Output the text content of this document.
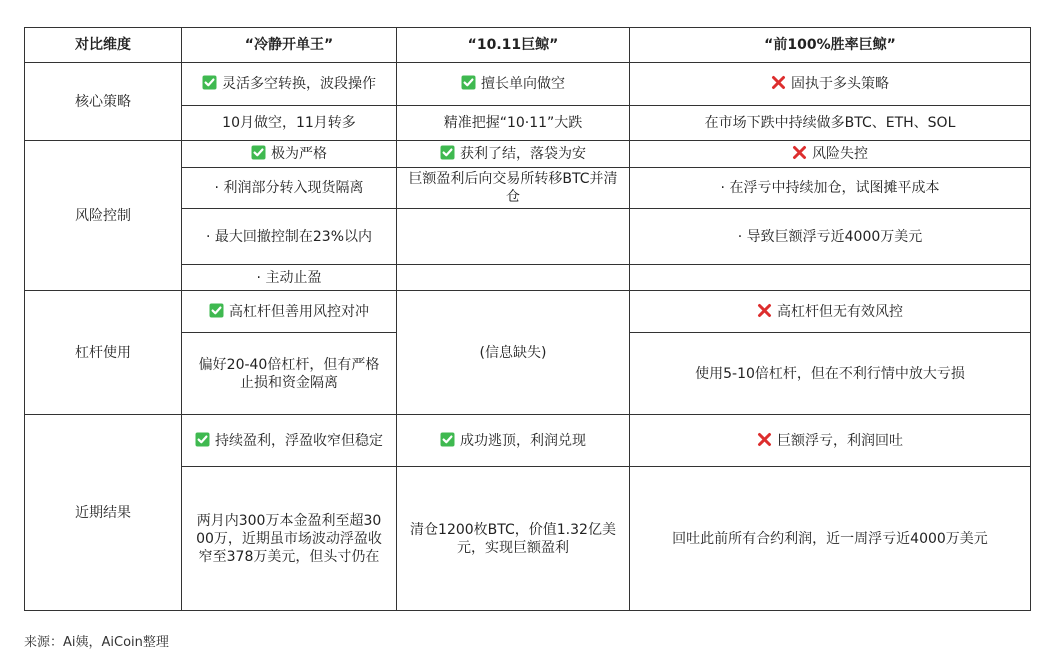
对比维度	“冷静开单王”	“10.11巨鲸”	“前100%胜率巨鲸”
核心策略	灵活多空转换，波段操作	擅长单向做空	固执于多头策略
	10月做空，11月转多	精准把握“10·11”大跌	在市场下跌中持续做多BTC、ETH、SOL
风险控制	极为严格	获利了结，落袋为安	风险失控
	· 利润部分转入现货隔离	巨额盈利后向交易所转移BTC并清仓	· 在浮亏中持续加仓，试图摊平成本
	· 最大回撤控制在23%以内		· 导致巨额浮亏近4000万美元
	· 主动止盈		
杠杆使用	高杠杆但善用风控对冲	(信息缺失)	高杠杆但无有效风控
	偏好20-40倍杠杆，但有严格止损和资金隔离		使用5-10倍杠杆，但在不利行情中放大亏损
近期结果	持续盈利，浮盈收窄但稳定	成功逃顶，利润兑现	巨额浮亏，利润回吐
	两月内300万本金盈利至超3000万，近期虽市场波动浮盈收窄至378万美元，但头寸仍在	清仓1200枚BTC，价值1.32亿美元，实现巨额盈利	回吐此前所有合约利润，近一周浮亏近4000万美元
来源：Ai姨，AiCoin整理
